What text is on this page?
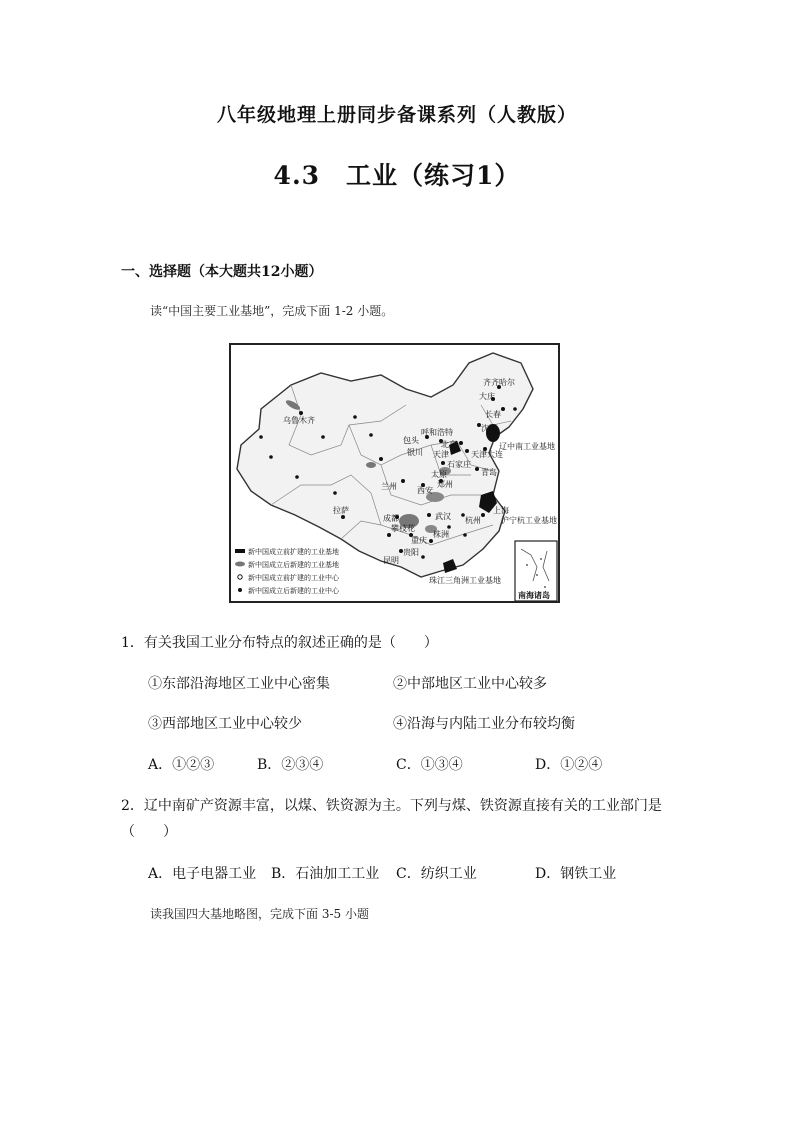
八年级地理上册同步备课系列（人教版）
4.3　工业（练习1）
一、选择题（本大题共12小题）
读“中国主要工业基地”，完成下面 1-2 小题。
乌鲁木齐
齐齐哈尔
大庆
长春
沈阳
包头
呼和浩特
北京
银川 天津	天津 大连
辽中南工业基地
石家庄
太原	青岛
兰州	西安
郑州
上海
沪宁杭工业基地
拉萨
成都	武汉 杭州
攀枝花
重庆
株洲
贵阳
昆明
珠江三角洲工业基地
南海诸岛
新中国成立前扩建的工业基地
新中国成立后新建的工业基地
新中国成立前扩建的工业中心
新中国成立后新建的工业中心
1．有关我国工业分布特点的叙述正确的是（　　）
①东部沿海地区工业中心密集	②中部地区工业中心较多
③西部地区工业中心较少	④沿海与内陆工业分布较均衡
A．①②③	B．②③④	C．①③④	D．①②④
2．辽中南矿产资源丰富，以煤、铁资源为主。下列与煤、铁资源直接有关的工业部门是
（　　）
A．电子电器工业 B．石油加工工业 C．纺织工业	D．钢铁工业
读我国四大基地略图，完成下面 3-5 小题
